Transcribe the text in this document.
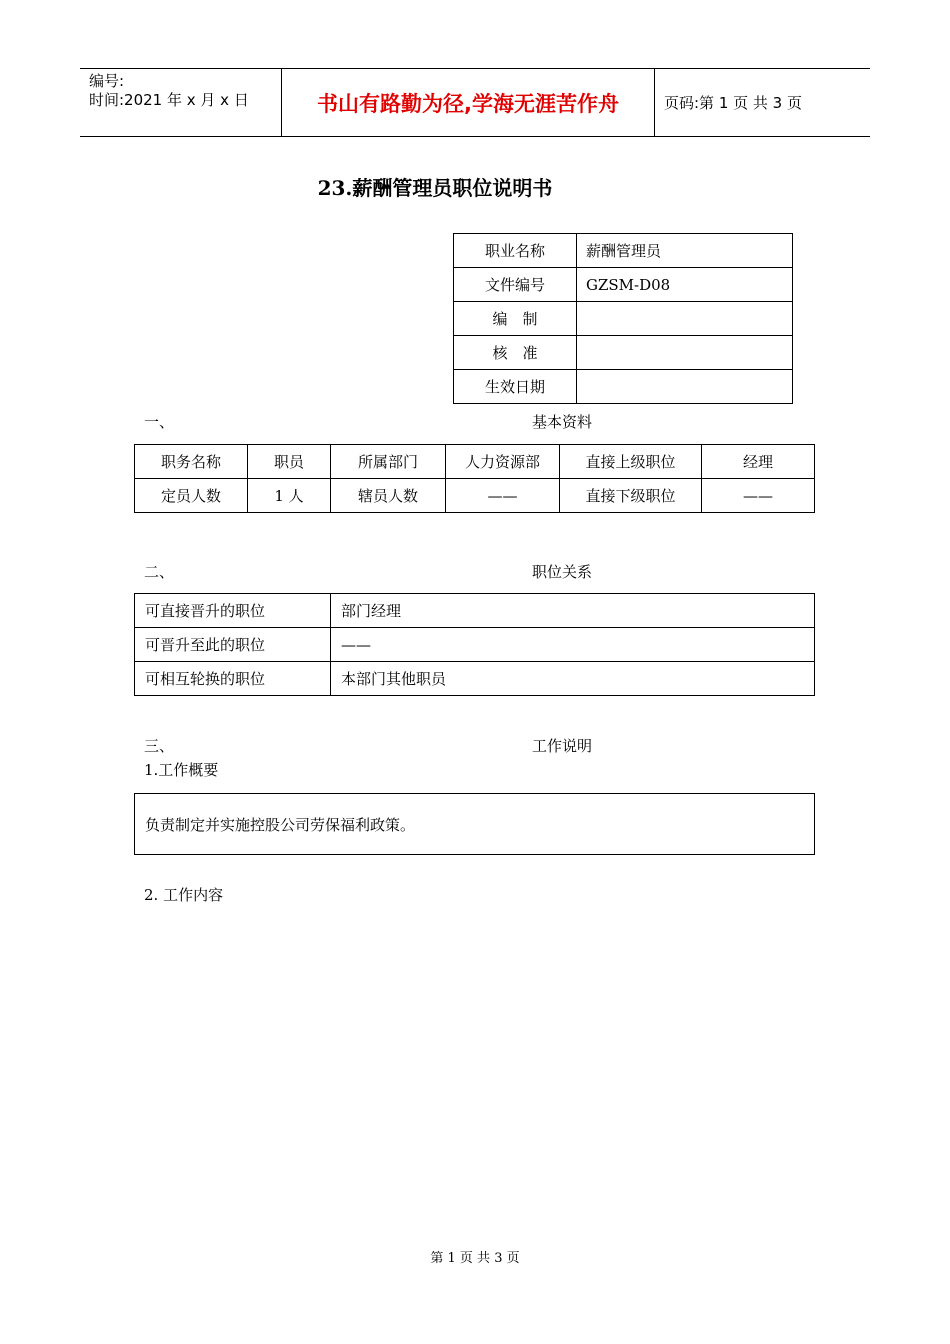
编号:
时间:2021 年 x 月 x 日	书山有路勤为径,学海无涯苦作舟	页码:第 1 页 共 3 页
23.薪酬管理员职位说明书
职业名称	薪酬管理员
文件编号	GZSM-D08
编　制	
核　准	
生效日期	
一、	基本资料
职务名称	职员	所属部门	人力资源部	直接上级职位	经理
定员人数	1 人	辖员人数	——	直接下级职位	——
二、	职位关系
可直接晋升的职位	部门经理
可晋升至此的职位	——
可相互轮换的职位	本部门其他职员
三、	工作说明
1.工作概要
负责制定并实施控股公司劳保福利政策。
2. 工作内容
第 1 页 共 3 页
